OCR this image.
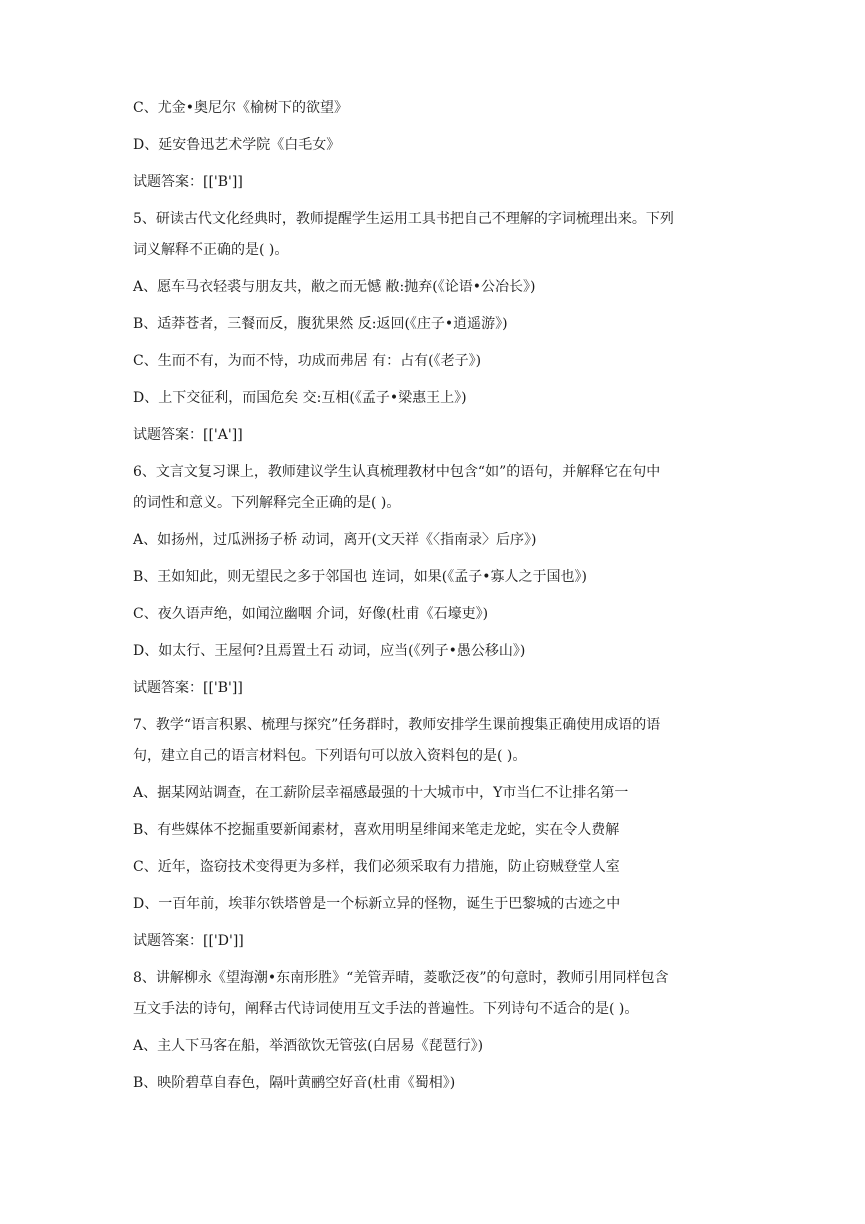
C、尤金•奥尼尔《榆树下的欲望》

D、延安鲁迅艺术学院《白毛女》

试题答案：[['B']]

5、研读古代文化经典时，教师提醒学生运用工具书把自己不理解的字词梳理出来。下列

词义解释不正确的是( )。

A、愿车马衣轻裘与朋友共，敝之而无憾 敝:抛弃(《论语•公冶长》)

B、适莽苍者，三餐而反，腹犹果然 反:返回(《庄子•逍遥游》)

C、生而不有，为而不恃，功成而弗居 有：占有(《老子》)

D、上下交征利，而国危矣 交:互相(《孟子•梁惠王上》)

试题答案：[['A']]

6、文言文复习课上，教师建议学生认真梳理教材中包含“如”的语句，并解释它在句中

的词性和意义。下列解释完全正确的是( )。

A、如扬州，过瓜洲扬子桥 动词，离开(文天祥《〈指南录〉后序》)

B、王如知此，则无望民之多于邻国也 连词，如果(《孟子•寡人之于国也》)

C、夜久语声绝，如闻泣幽咽 介词，好像(杜甫《石壕吏》)

D、如太行、王屋何?且焉置土石 动词，应当(《列子•愚公移山》)

试题答案：[['B']]

7、教学“语言积累、梳理与探究”任务群时，教师安排学生课前搜集正确使用成语的语

句，建立自己的语言材料包。下列语句可以放入资料包的是( )。

A、据某网站调查，在工薪阶层幸福感最强的十大城市中，Y市当仁不让排名第一

B、有些媒体不挖掘重要新闻素材，喜欢用明星绯闻来笔走龙蛇，实在令人费解

C、近年，盗窃技术变得更为多样，我们必须采取有力措施，防止窃贼登堂人室

D、一百年前，埃菲尔铁塔曾是一个标新立异的怪物，诞生于巴黎城的古迹之中

试题答案：[['D']]

8、讲解柳永《望海潮•东南形胜》“羌管弄晴，菱歌泛夜”的句意时，教师引用同样包含

互文手法的诗句，阐释古代诗词使用互文手法的普遍性。下列诗句不适合的是( )。

A、主人下马客在船，举酒欲饮无管弦(白居易《琵琶行》)

B、映阶碧草自春色，隔叶黄鹂空好音(杜甫《蜀相》)
